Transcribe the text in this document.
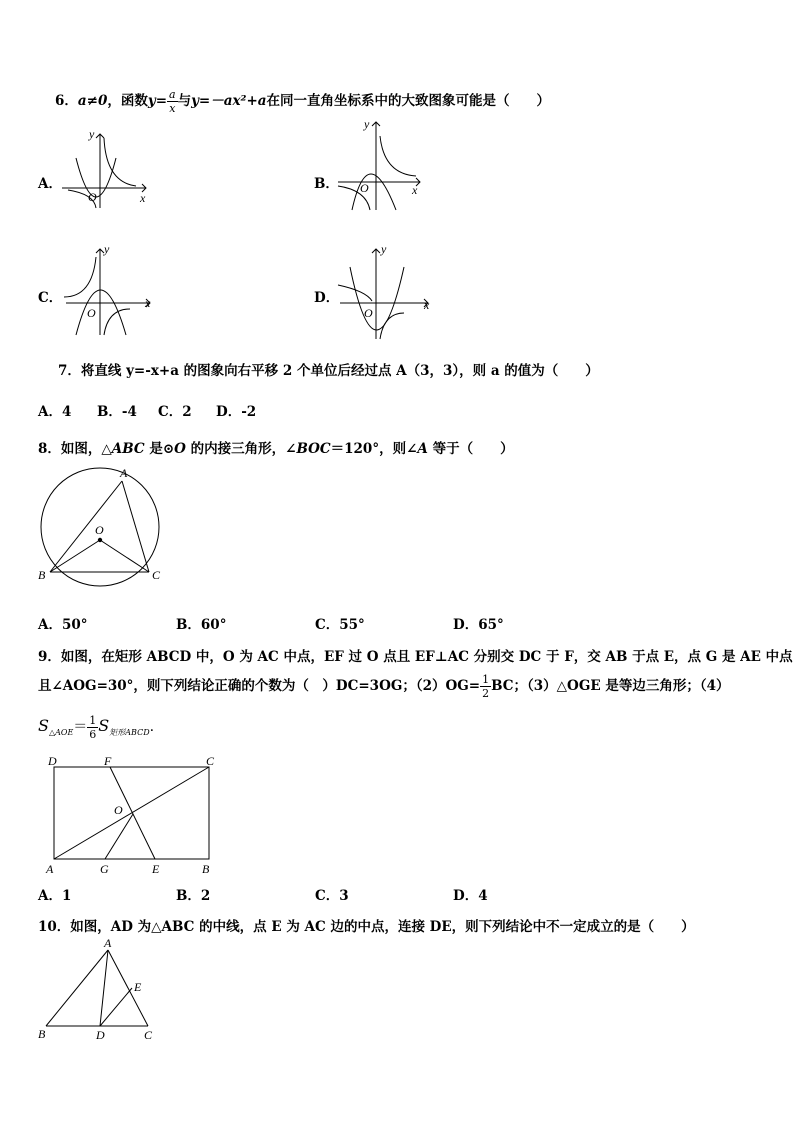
6．a≠0，函数$y= \frac{a}{x}$ 与y=－ax²+a在同一直角坐标系中的大致图象可能是（　　）
A．
x
y
O
B．	x
y
O
C．	x
y
O
D．	x
y
O
7．将直线 y=-x+a 的图象向右平移 2 个单位后经过点 A（3，3），则 a 的值为（　　）
A．4 B．-4 C．2 D．-2
8．如图，△ABC 是⊙O 的内接三角形，∠BOC＝120°，则∠A 等于（　　）
A
B	C
O
A．50°	B．60°	C．55°	D．65°
9．如图，在矩形 ABCD 中，O 为 AC 中点，EF 过 O 点且 EF⊥AC 分别交 DC 于 F，交 AB 于点 E，点 G 是 AE 中点
且∠AOG=30°，则下列结论正确的个数为（　）DC=3OG；$(2)OG= \frac{1}{2}$ BC；（3）△OGE 是等边三角形；（4）
$S_{\triangle AOE}= \frac{1}{6} S_{矩形ABCD}$.
D	F	C
O
A	G	E	B
A．1	B．2	C．3	D．4
10．如图，AD 为△ABC 的中线，点 E 为 AC 边的中点，连接 DE，则下列结论中不一定成立的是（　　）
A
B	D	C
E
